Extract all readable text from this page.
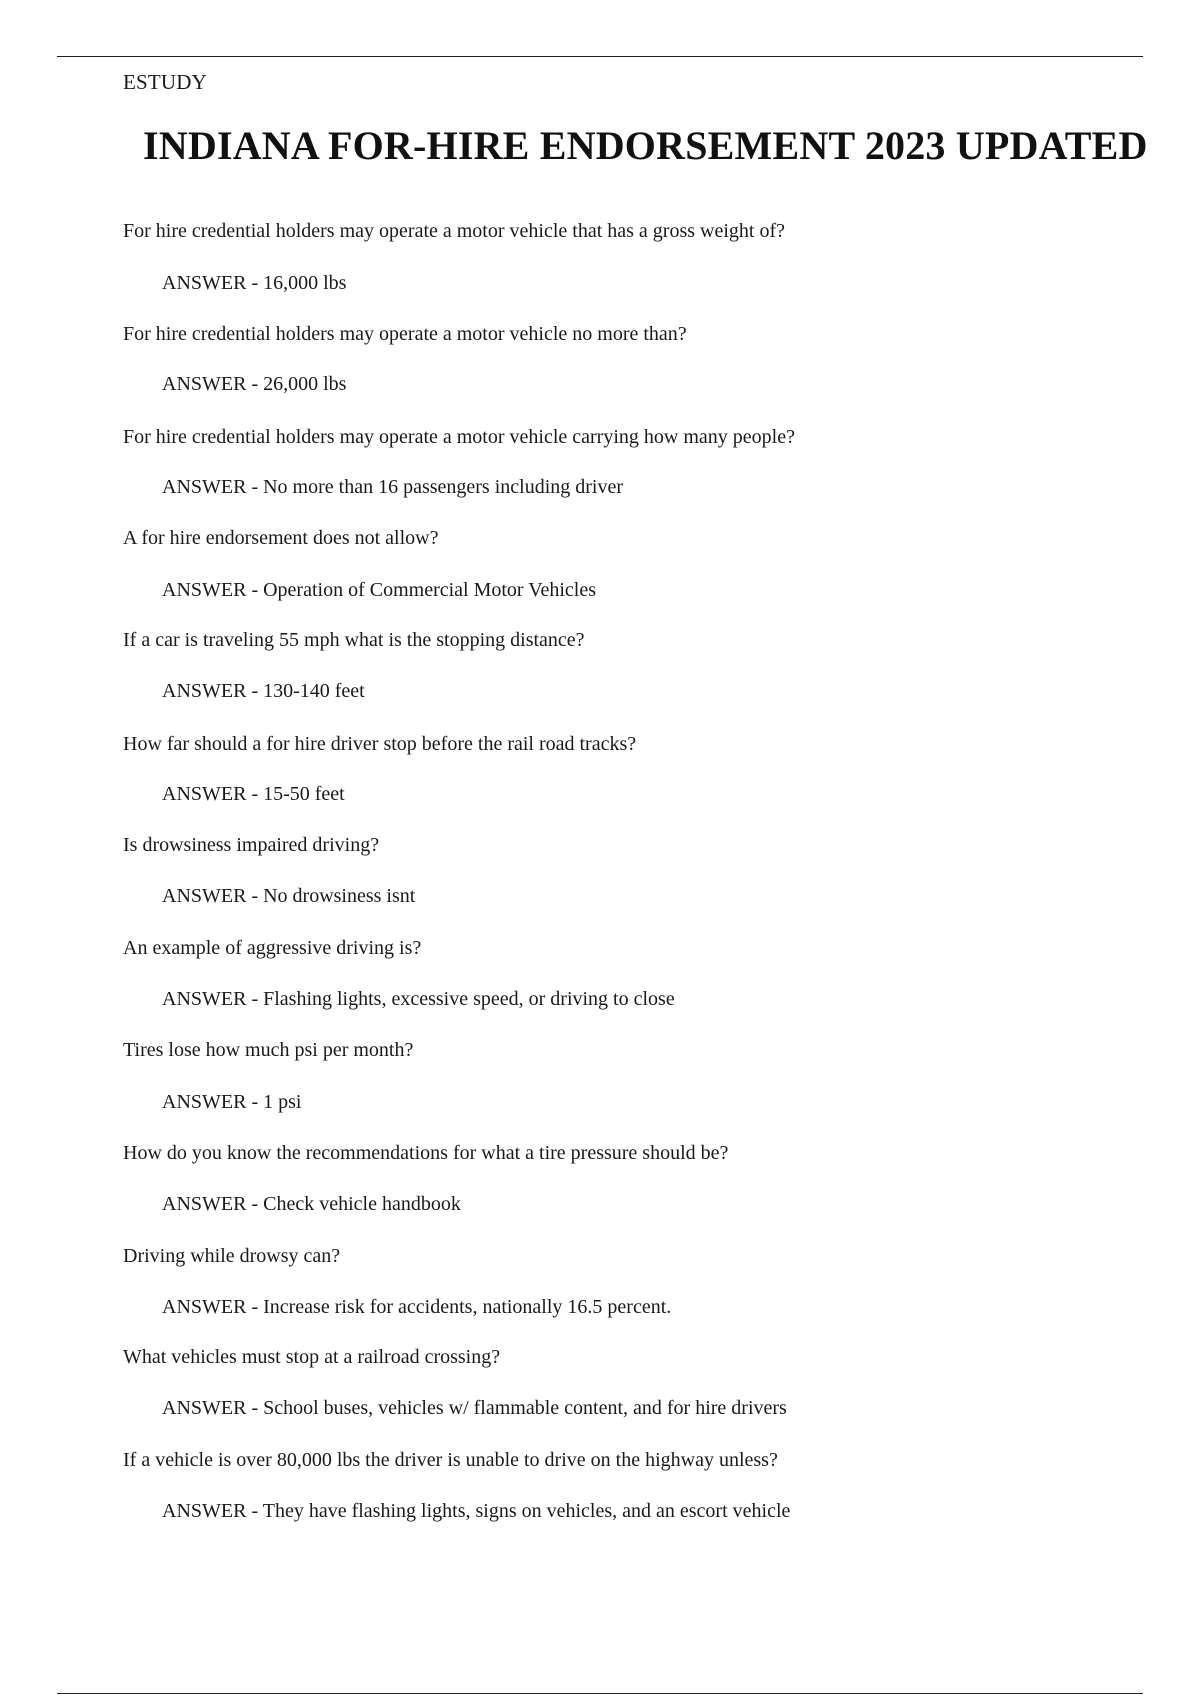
ESTUDY
INDIANA FOR-HIRE ENDORSEMENT 2023 UPDATED
For hire credential holders may operate a motor vehicle that has a gross weight of?
ANSWER - 16,000 lbs
For hire credential holders may operate a motor vehicle no more than?
ANSWER - 26,000 lbs
For hire credential holders may operate a motor vehicle carrying how many people?
ANSWER - No more than 16 passengers including driver
A for hire endorsement does not allow?
ANSWER - Operation of Commercial Motor Vehicles
If a car is traveling 55 mph what is the stopping distance?
ANSWER - 130-140 feet
How far should a for hire driver stop before the rail road tracks?
ANSWER - 15-50 feet
Is drowsiness impaired driving?
ANSWER - No drowsiness isnt
An example of aggressive driving is?
ANSWER - Flashing lights, excessive speed, or driving to close
Tires lose how much psi per month?
ANSWER - 1 psi
How do you know the recommendations for what a tire pressure should be?
ANSWER - Check vehicle handbook
Driving while drowsy can?
ANSWER - Increase risk for accidents, nationally 16.5 percent.
What vehicles must stop at a railroad crossing?
ANSWER - School buses, vehicles w/ flammable content, and for hire drivers
If a vehicle is over 80,000 lbs the driver is unable to drive on the highway unless?
ANSWER - They have flashing lights, signs on vehicles, and an escort vehicle
